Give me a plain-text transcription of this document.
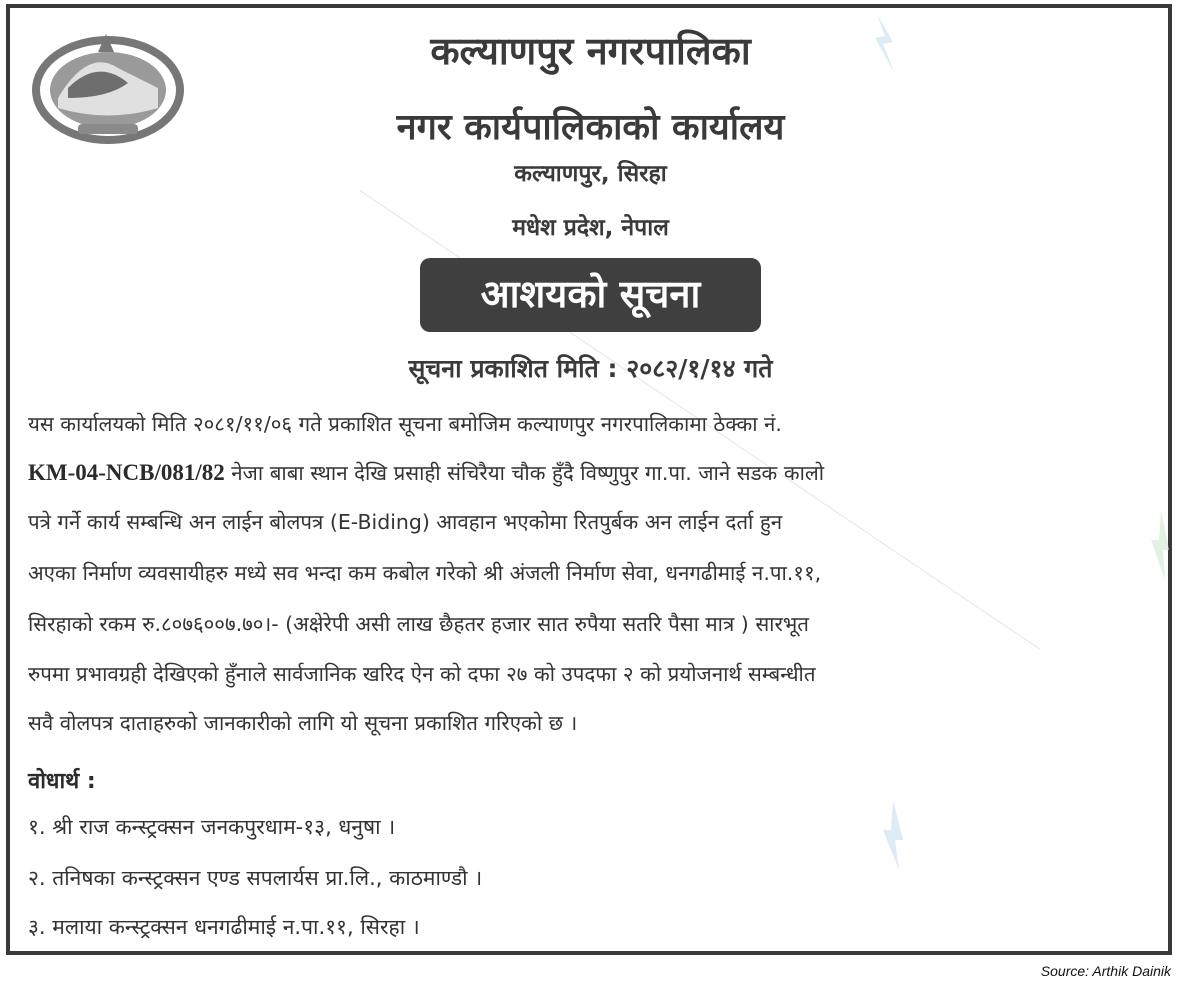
कल्याणपुर नगरपालिका
नगर कार्यपालिकाको कार्यालय
कल्याणपुर, सिरहा
मधेश प्रदेश, नेपाल
आशयको सूचना
सूचना प्रकाशित मिति : २०८२/१/१४ गते
यस कार्यालयको मिति २०८१/११/०६ गते प्रकाशित सूचना बमोजिम कल्याणपुर नगरपालिकामा ठेक्का नं.
KM-04-NCB/081/82 नेजा बाबा स्थान देखि प्रसाही संचिरैया चौक हुँदै विष्णुपुर गा.पा. जाने सडक कालो
पत्रे गर्ने कार्य सम्बन्धि अन लाईन बोलपत्र (E-Biding) आवहान भएकोमा रितपुर्बक अन लाईन दर्ता हुन
अएका निर्माण व्यवसायीहरु मध्ये सव भन्दा कम कबोल गरेको श्री अंजली निर्माण सेवा, धनगढीमाई न.पा.११,
सिरहाको रकम रु.८०७६००७.७०।- (अक्षेरेपी असी लाख छैहतर हजार सात रुपैया सतरि पैसा मात्र ) सारभूत
रुपमा प्रभावग्रही देखिएको हुँनाले सार्वजानिक खरिद ऐन को दफा २७ को उपदफा २ को प्रयोजनार्थ सम्बन्धीत
सवै वोलपत्र दाताहरुको जानकारीको लागि यो सूचना प्रकाशित गरिएको छ ।
वोधार्थ :
१. श्री राज कन्स्ट्रक्सन जनकपुरधाम-१३, धनुषा ।
२. तनिषका कन्स्ट्रक्सन एण्ड सपलार्यस प्रा.लि., काठमाण्डौ ।
३. मलाया कन्स्ट्रक्सन धनगढीमाई न.पा.११, सिरहा ।
Source: Arthik Dainik
